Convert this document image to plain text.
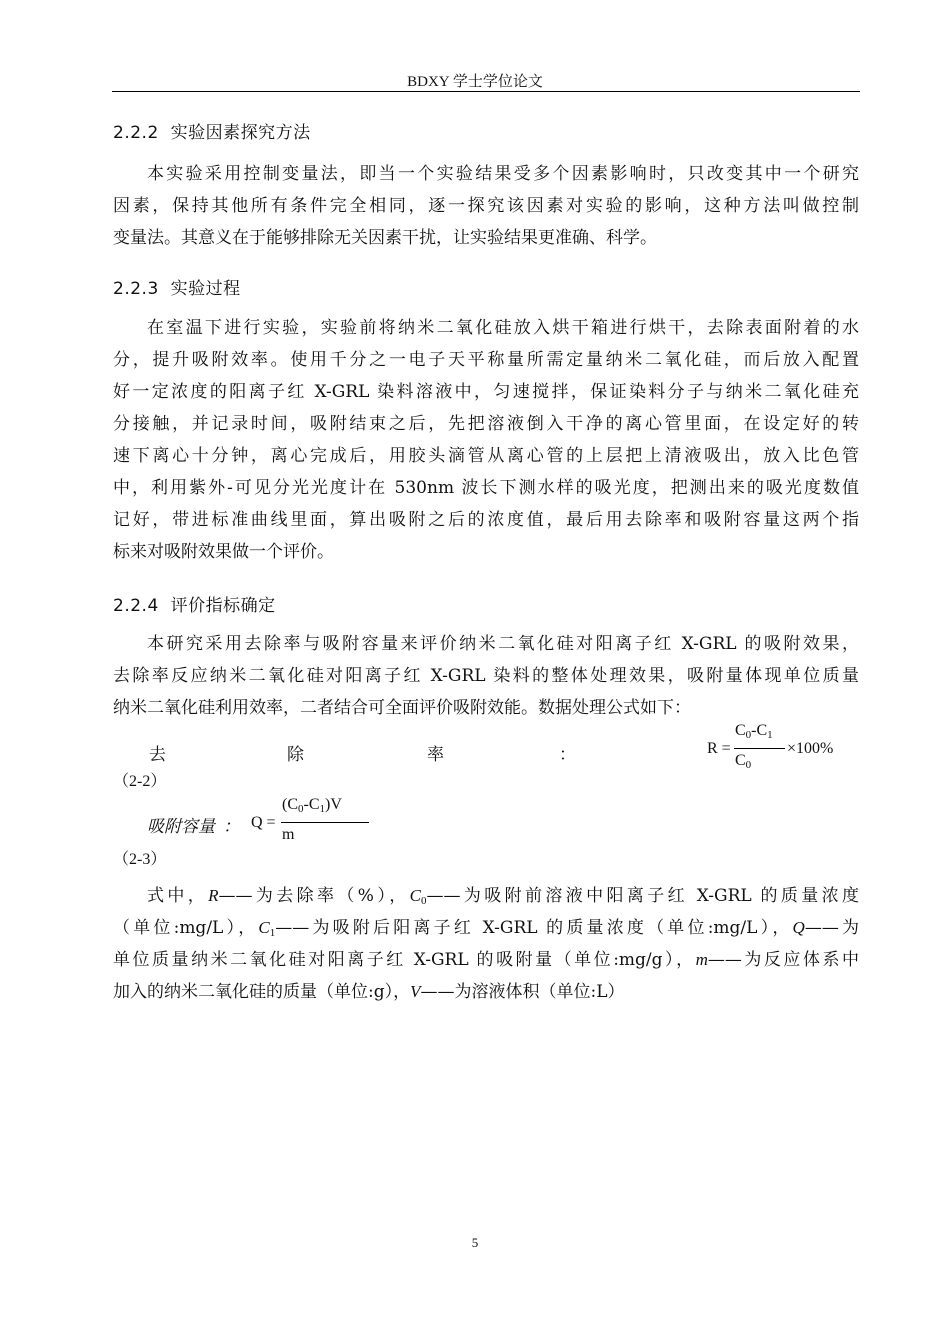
BDXY 学士学位论文
2.2.2  实验因素探究方法
本实验采用控制变量法，即当一个实验结果受多个因素影响时，只改变其中一个研究
因素，保持其他所有条件完全相同，逐一探究该因素对实验的影响，这种方法叫做控制
变量法。其意义在于能够排除无关因素干扰，让实验结果更准确、科学。
2.2.3  实验过程
在室温下进行实验，实验前将纳米二氧化硅放入烘干箱进行烘干，去除表面附着的水
分，提升吸附效率。使用千分之一电子天平称量所需定量纳米二氧化硅，而后放入配置
好一定浓度的阳离子红 X-GRL 染料溶液中，匀速搅拌，保证染料分子与纳米二氧化硅充
分接触，并记录时间，吸附结束之后，先把溶液倒入干净的离心管里面，在设定好的转
速下离心十分钟，离心完成后，用胶头滴管从离心管的上层把上清液吸出，放入比色管
中，利用紫外-可见分光光度计在 530nm 波长下测水样的吸光度，把测出来的吸光度数值
记好，带进标准曲线里面，算出吸附之后的浓度值，最后用去除率和吸附容量这两个指
标来对吸附效果做一个评价。
2.2.4  评价指标确定
本研究采用去除率与吸附容量来评价纳米二氧化硅对阳离子红 X-GRL 的吸附效果，
去除率反应纳米二氧化硅对阳离子红 X-GRL 染料的整体处理效果，吸附量体现单位质量
纳米二氧化硅利用效率，二者结合可全面评价吸附效能。数据处理公式如下：
去	除	率	：	R =
$C_0-C_1$
$C_0$
×100%
（2-2）
吸附容量 ： Q =
$(C_0-C_1)V$
m
（2-3）
式中，R——为去除率（%），$C_0——$为吸附前溶液中阳离子红 X-GRL 的质量浓度
（单位:mg/L），$C_1——$为吸附后阳离子红 X-GRL 的质量浓度（单位:mg/L），Q——为
单位质量纳米二氧化硅对阳离子红 X-GRL 的吸附量（单位:mg/g），m——为反应体系中
加入的纳米二氧化硅的质量（单位:g），V——为溶液体积（单位:L）
5
